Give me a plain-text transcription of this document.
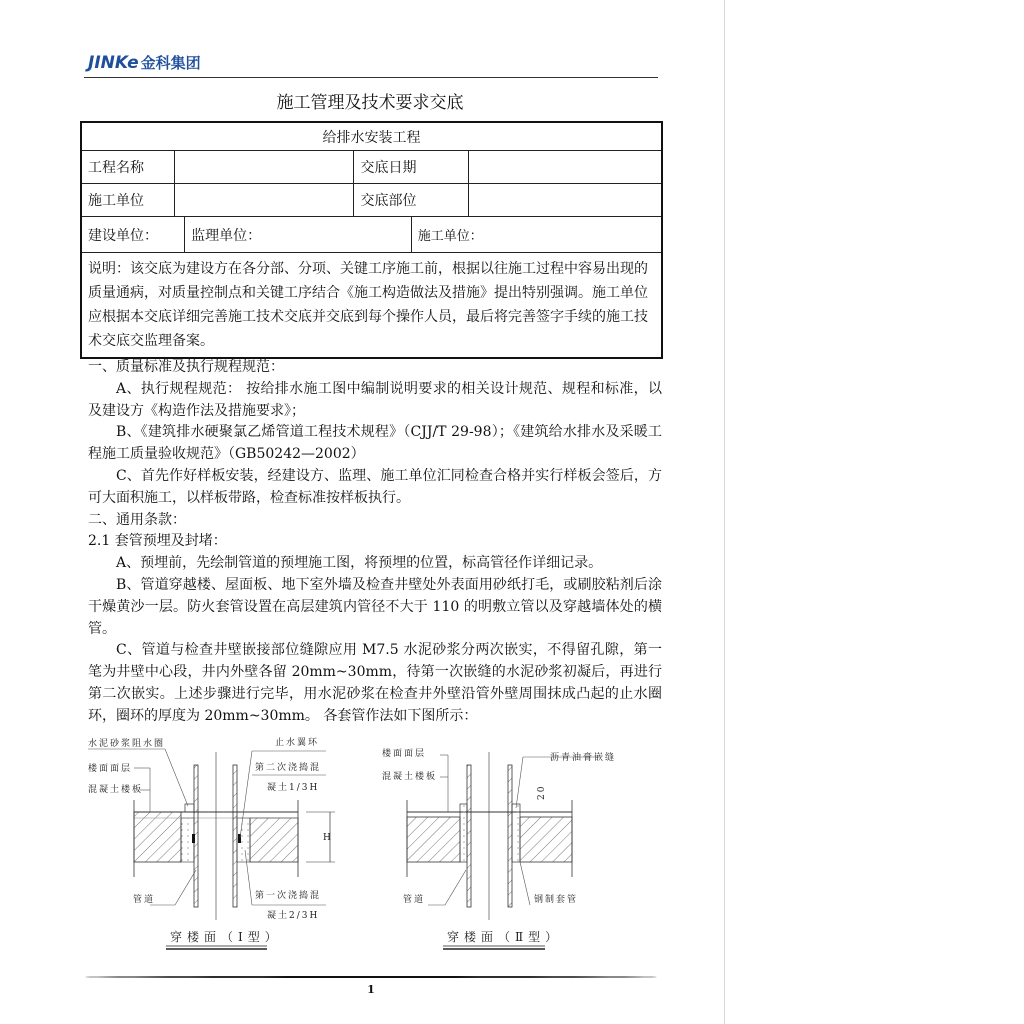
JINKe 金科集团
施工管理及技术要求交底
给排水安装工程					
工程名称			交底日期		
施工单位			交底部位		
建设单位：		监理单位：		施工单位：	
说明：该交底为建设方在各分部、分项、关键工序施工前，根据以往施工过程中容易出现的质量通病，对质量控制点和关键工序结合《施工构造做法及措施》提出特别强调。施工单位应根据本交底详细完善施工技术交底并交底到每个操作人员，最后将完善签字手续的施工技术交底交监理备案。					

一、质量标准及执行规程规范：

A、执行规程规范： 按给排水施工图中编制说明要求的相关设计规范、规程和标准，以及建设方《构造作法及措施要求》；

B、《建筑排水硬聚氯乙烯管道工程技术规程》（CJJ/T 29-98）；《建筑给水排水及采暖工程施工质量验收规范》（GB50242—2002）

C、首先作好样板安装，经建设方、监理、施工单位汇同检查合格并实行样板会签后，方可大面积施工，以样板带路，检查标准按样板执行。

二、通用条款：

2.1 套管预埋及封堵：

A、预埋前，先绘制管道的预埋施工图，将预埋的位置，标高管径作详细记录。

B、管道穿越楼、屋面板、地下室外墙及检查井壁处外表面用砂纸打毛，或刷胶粘剂后涂干燥黄沙一层。防火套管设置在高层建筑内管径不大于 110 的明敷立管以及穿越墙体处的横管。

C、管道与检查井壁嵌接部位缝隙应用 M7.5 水泥砂浆分两次嵌实，不得留孔隙，第一笔为井壁中心段，井内外壁各留 20mm~30mm，待第一次嵌缝的水泥砂浆初凝后，再进行第二次嵌实。上述步骤进行完毕，用水泥砂浆在检查井外壁沿管外壁周围抹成凸起的止水圈环，圈环的厚度为 20mm~30mm。 各套管作法如下图所示：

水泥砂浆阻水圈
楼面面层
混凝土楼板
管道
止水翼环
第二次浇捣混
凝土1/3H
第一次浇捣混
凝土2/3H
H
穿楼面（Ⅰ型）
楼面面层
混凝土楼板
管道
沥青油膏嵌缝
钢制套管
20
穿楼面（Ⅱ型）
1
